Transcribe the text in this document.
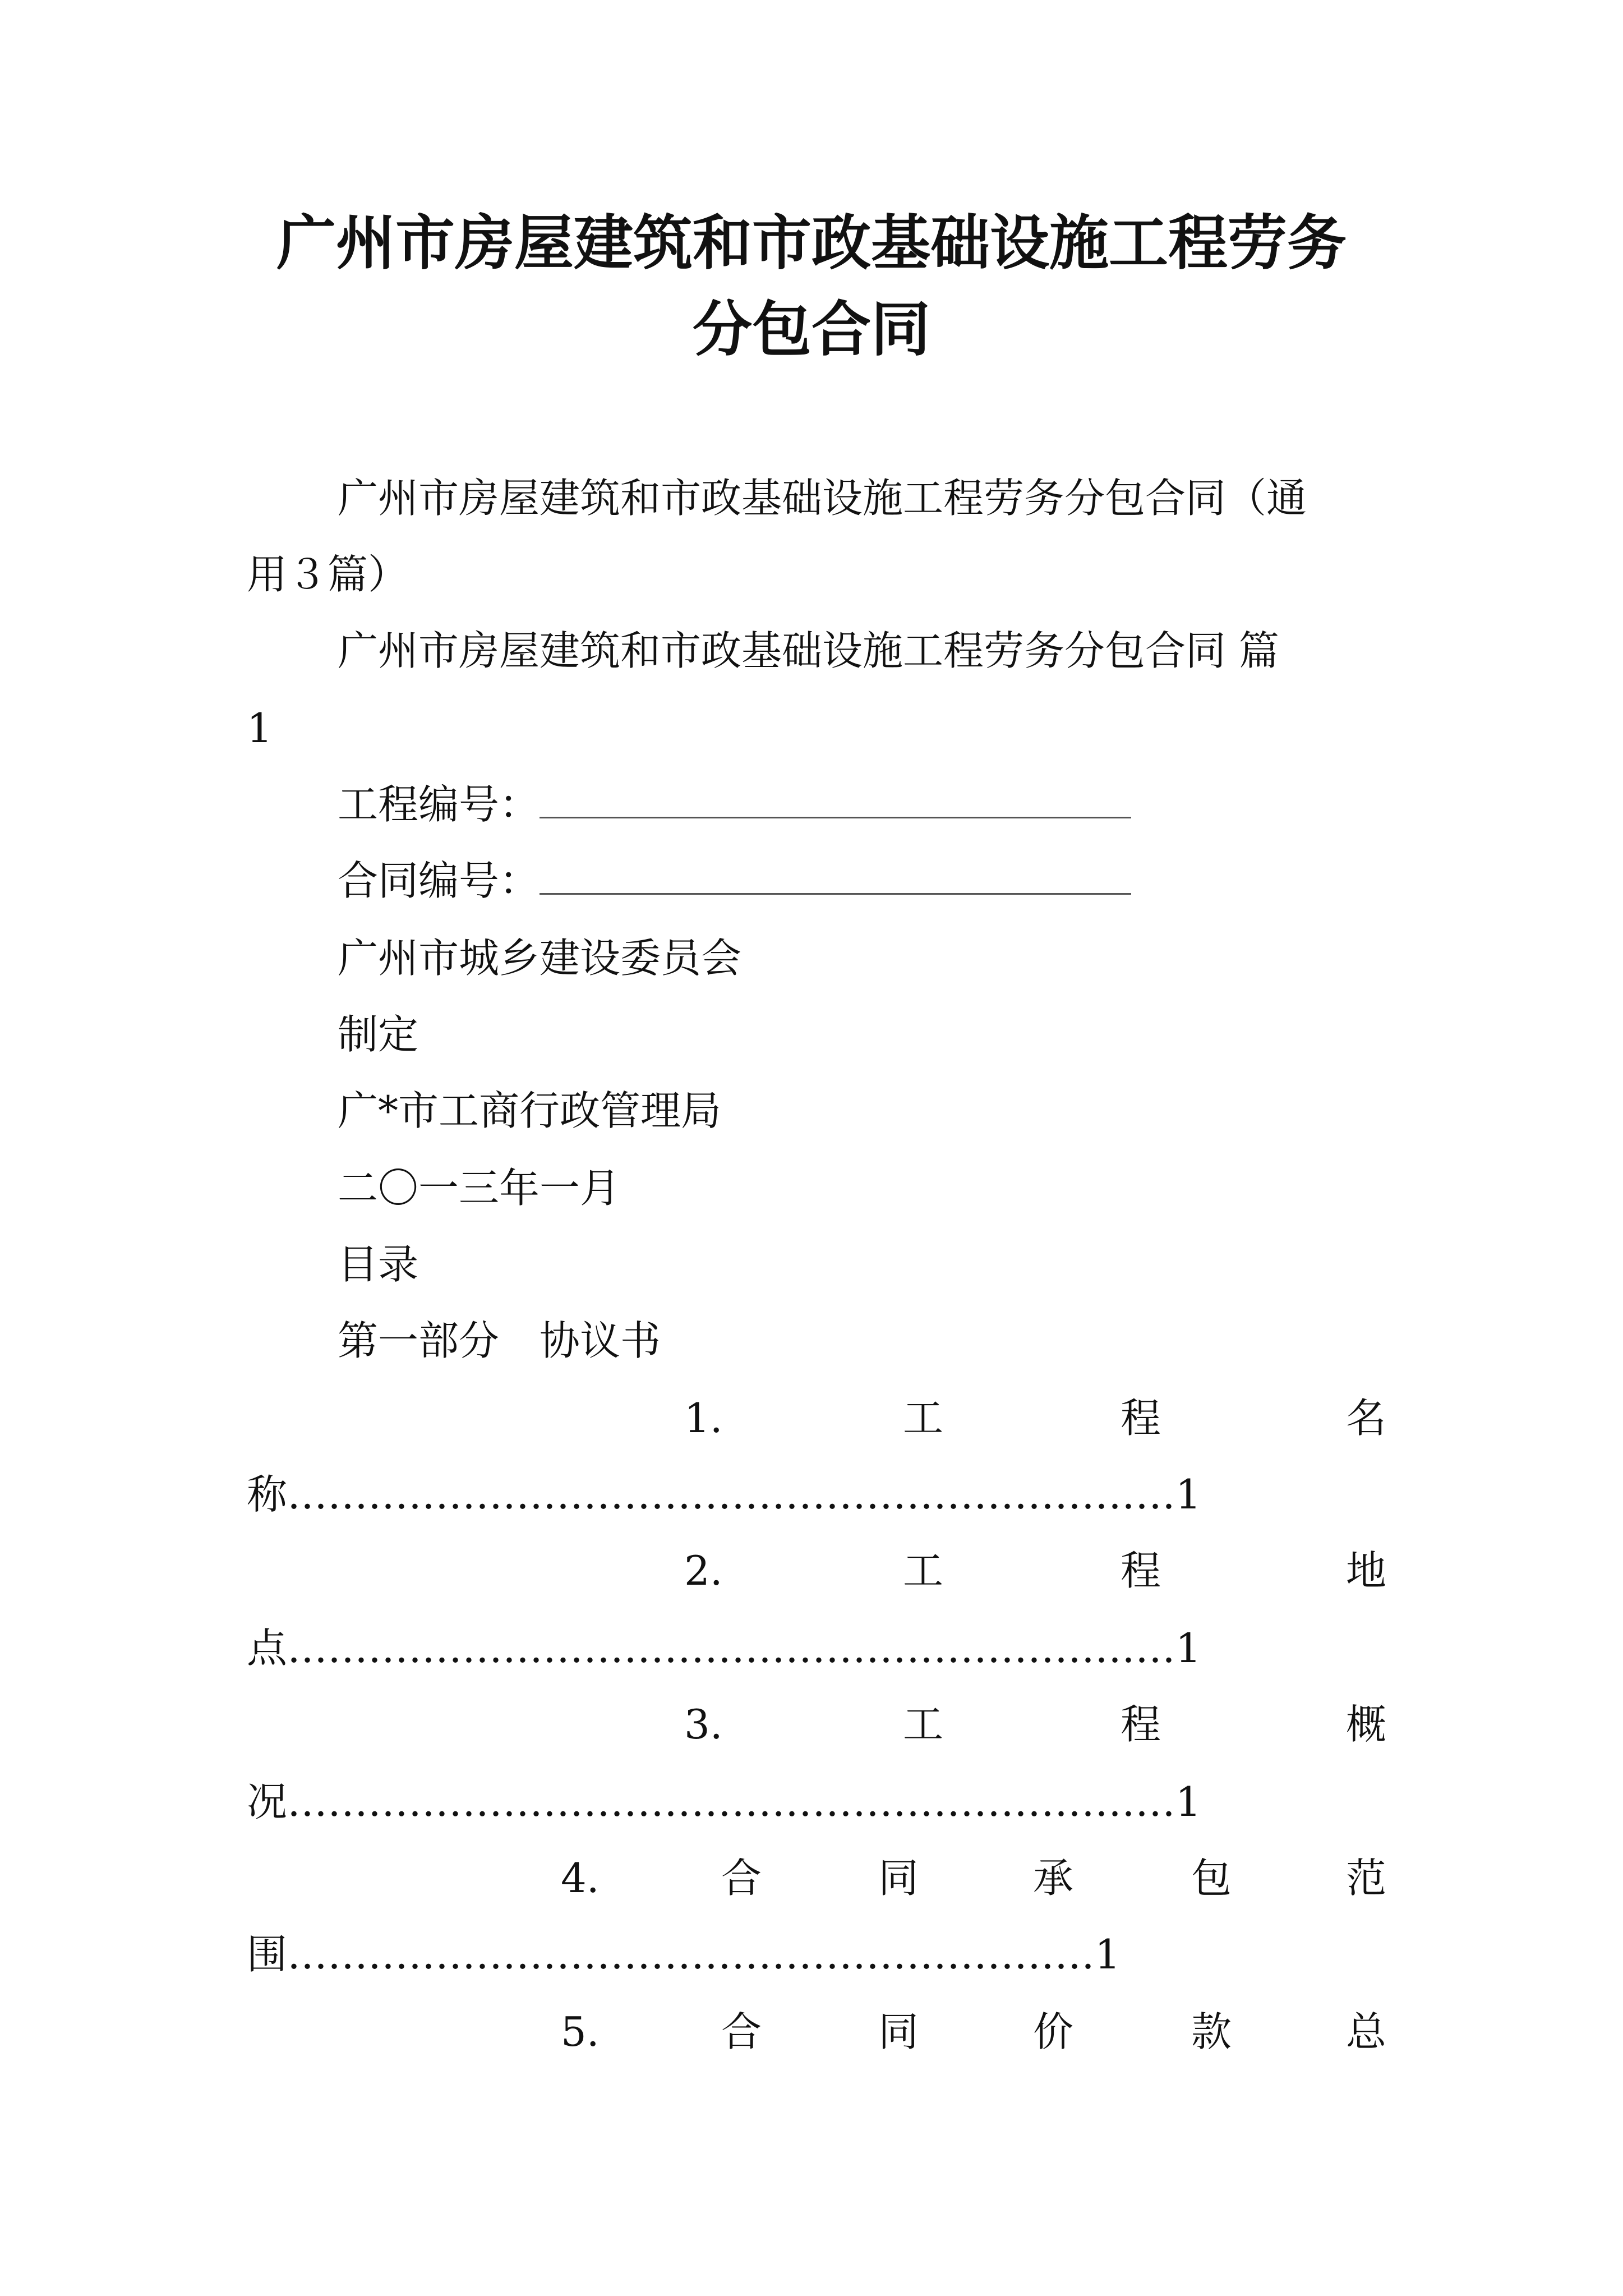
广州市房屋建筑和市政基础设施工程劳务
分包合同
广州市房屋建筑和市政基础设施工程劳务分包合同（通
用３篇）
广州市房屋建筑和市政基础设施工程劳务分包合同 篇
1
工程编号：
合同编号：
广州市城乡建设委员会
制定
广*市工商行政管理局
二〇一三年一月
目录
第一部分　协议书
1.	工	程	名
称…………………………………………………………1
2.	工	程	地
点…………………………………………………………1
3.	工	程	概
况…………………………………………………………1
4.	合	同	承	包	范
围……………………………………………………1
5.	合	同	价	款	总
